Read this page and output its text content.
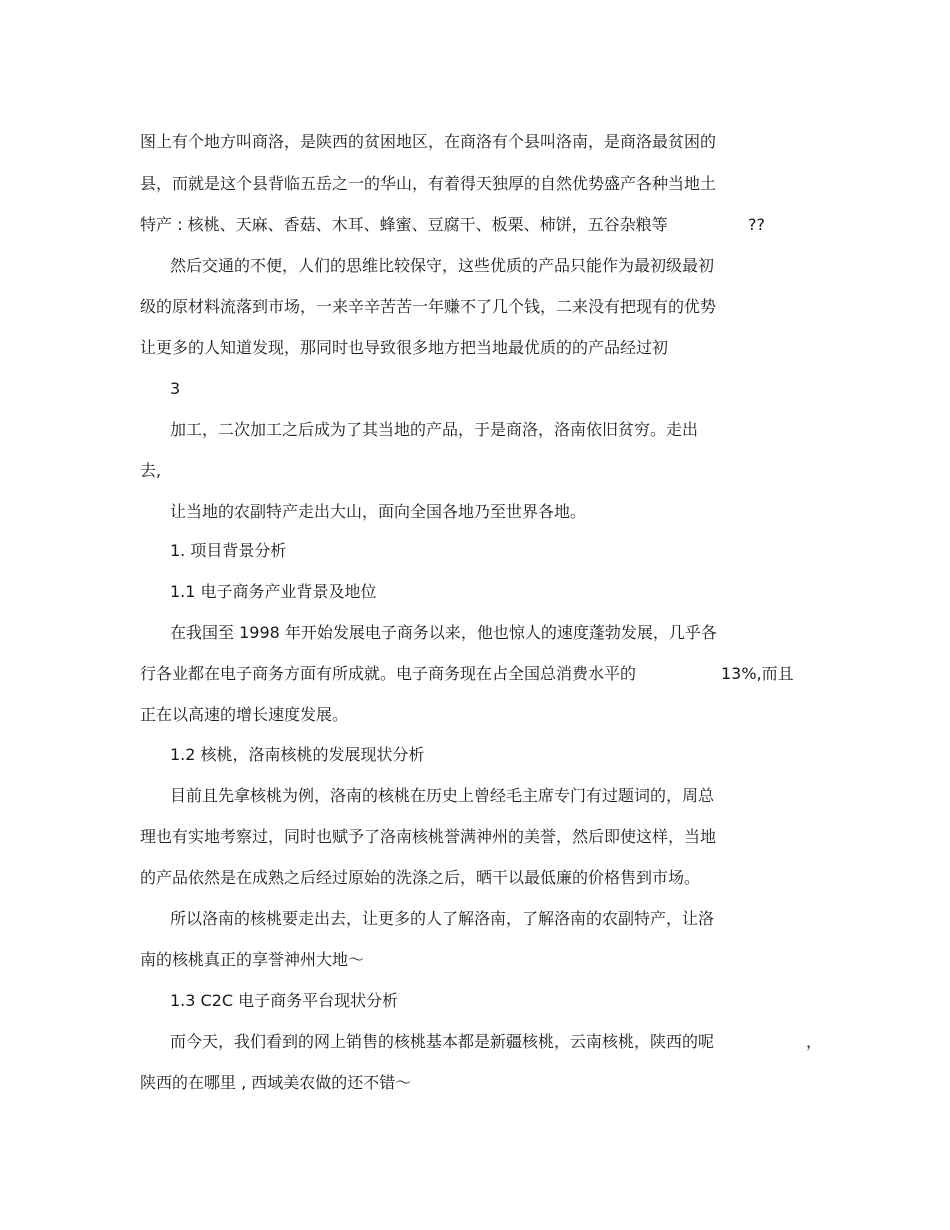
图上有个地方叫商洛，是陕西的贫困地区，在商洛有个县叫洛南，是商洛最贫困的
县，而就是这个县背临五岳之一的华山，有着得天独厚的自然优势盛产各种当地土
特产 : 核桃、天麻、香菇、木耳、蜂蜜、豆腐干、板栗、柿饼，五谷杂粮等	??
然后交通的不便，人们的思维比较保守，这些优质的产品只能作为最初级最初
级的原材料流落到市场，一来辛辛苦苦一年赚不了几个钱，二来没有把现有的优势
让更多的人知道发现，那同时也导致很多地方把当地最优质的的产品经过初
3
加工，二次加工之后成为了其当地的产品，于是商洛，洛南依旧贫穷。走出
去,
让当地的农副特产走出大山，面向全国各地乃至世界各地。
1. 项目背景分析
1.1 电子商务产业背景及地位
在我国至 1998 年开始发展电子商务以来，他也惊人的速度蓬勃发展，几乎各
行各业都在电子商务方面有所成就。电子商务现在占全国总消费水平的	13%,而且
正在以高速的增长速度发展。
1.2 核桃，洛南核桃的发展现状分析
目前且先拿核桃为例，洛南的核桃在历史上曾经毛主席专门有过题词的，周总
理也有实地考察过，同时也赋予了洛南核桃誉满神州的美誉，然后即使这样，当地
的产品依然是在成熟之后经过原始的洗涤之后，晒干以最低廉的价格售到市场。
所以洛南的核桃要走出去，让更多的人了解洛南，了解洛南的农副特产，让洛
南的核桃真正的享誉神州大地～
1.3 C2C 电子商务平台现状分析
而今天，我们看到的网上销售的核桃基本都是新疆核桃，云南核桃，陕西的呢	，
陕西的在哪里 , 西域美农做的还不错～
